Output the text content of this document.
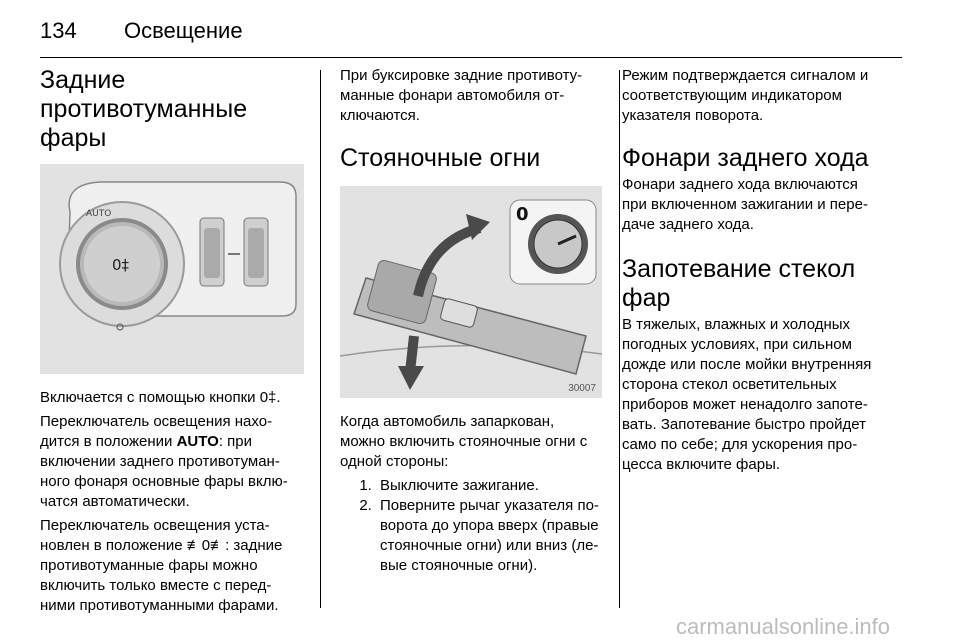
134 Освещение
Задние
противотуманные фары
0‡
AUTO

Включается с помощью кнопки 0‡.

Переключатель освещения нахо-
дится в положении AUTO: при
включении заднего противотуман-
ного фонаря основные фары вклю-
чатся автоматически.

Переключатель освещения уста-
новлен в положение ≢0≢: задние
противотуманные фары можно
включить только вместе с перед-
ними противотуманными фарами.

При буксировке задние противоту-
манные фонари автомобиля от-
ключаются.

Стояночные огни
0
30007

Когда автомобиль запаркован,
можно включить стояночные огни с
одной стороны:

1. Выключите зажигание.
2. Поверните рычаг указателя по-
ворота до упора вверх (правые
стояночные огни) или вниз (ле-
вые стояночные огни).

Режим подтверждается сигналом и
соответствующим индикатором
указателя поворота.

Фонари заднего хода

Фонари заднего хода включаются
при включенном зажигании и пере-
даче заднего хода.

Запотевание стекол фар

В тяжелых, влажных и холодных
погодных условиях, при сильном
дожде или после мойки внутренняя
сторона стекол осветительных
приборов может ненадолго запоте-
вать. Запотевание быстро пройдет
само по себе; для ускорения про-
цесса включите фары.

carmanualsonline.info
